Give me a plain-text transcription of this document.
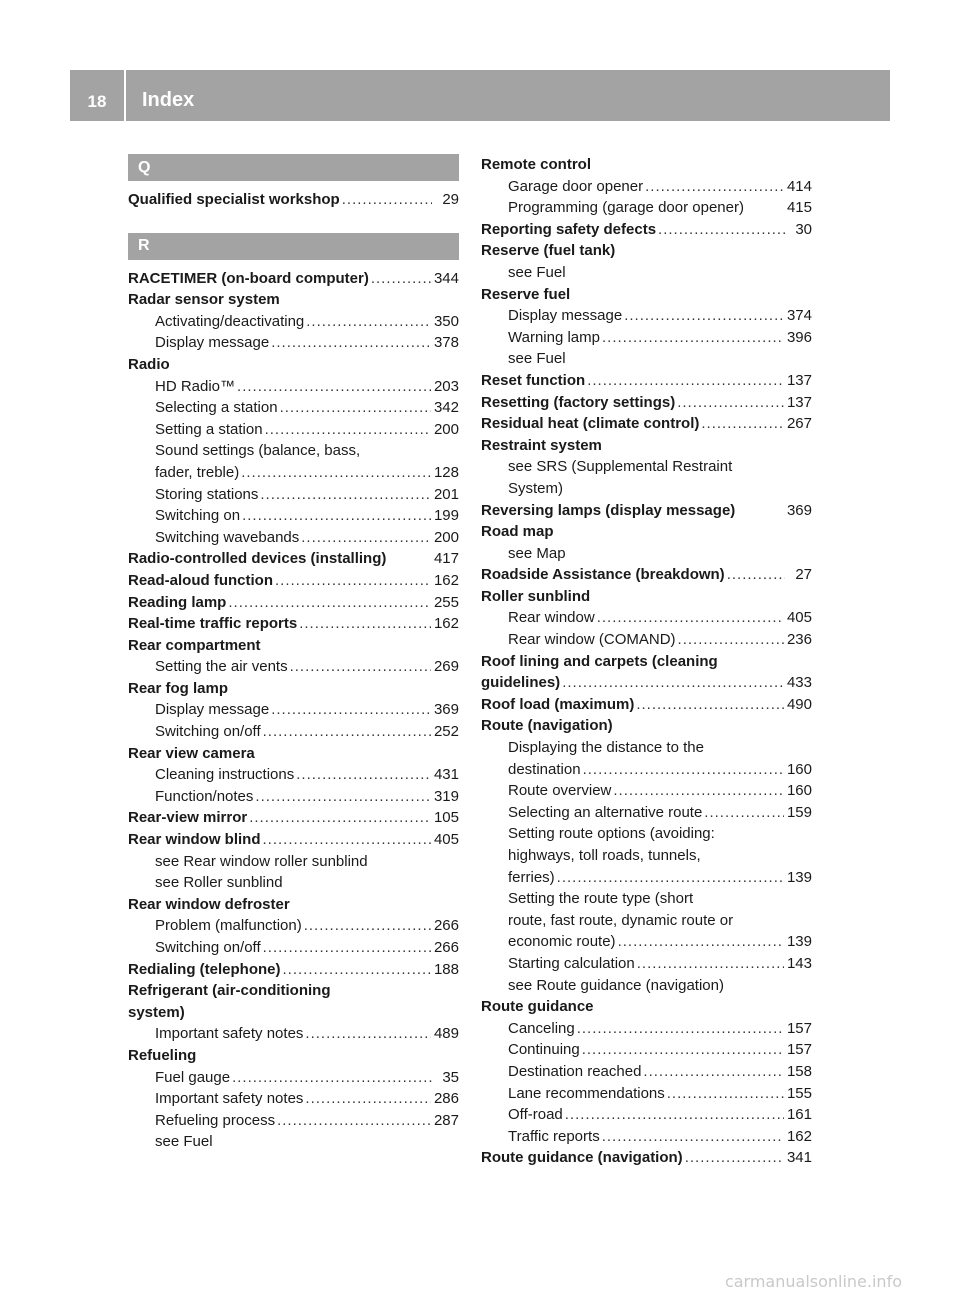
18	Index
Q
Qualified specialist workshop .....	29
R
RACETIMER (on-board computer) .....	344
Radar sensor system
Activating/deactivating .....	350
Display message .....	378
Radio
HD Radio™ .....	203
Selecting a station .....	342
Setting a station .....	200
Sound settings (balance, bass,
fader, treble) .....	128
Storing stations .....	201
Switching on .....	199
Switching wavebands .....	200
Radio-controlled devices (installing)	417
Read-aloud function .....	162
Reading lamp .....	255
Real-time traffic reports .....	162
Rear compartment
Setting the air vents .....	269
Rear fog lamp
Display message .....	369
Switching on/off .....	252
Rear view camera
Cleaning instructions .....	431
Function/notes .....	319
Rear-view mirror .....	105
Rear window blind .....	405
see Rear window roller sunblind
see Roller sunblind
Rear window defroster
Problem (malfunction) .....	266
Switching on/off .....	266
Redialing (telephone) .....	188
Refrigerant (air-conditioning
system)
Important safety notes .....	489
Refueling
Fuel gauge .....	35
Important safety notes .....	286
Refueling process .....	287
see Fuel
Remote control
Garage door opener .....	414
Programming (garage door opener)	415
Reporting safety defects .....	30
Reserve (fuel tank)
see Fuel
Reserve fuel
Display message .....	374
Warning lamp .....	396
see Fuel
Reset function .....	137
Resetting (factory settings) .....	137
Residual heat (climate control) .....	267
Restraint system
see SRS (Supplemental Restraint
System)
Reversing lamps (display message)	369
Road map
see Map
Roadside Assistance (breakdown) .....	27
Roller sunblind
Rear window .....	405
Rear window (COMAND) .....	236
Roof lining and carpets (cleaning
guidelines) .....	433
Roof load (maximum) .....	490
Route (navigation)
Displaying the distance to the
destination .....	160
Route overview .....	160
Selecting an alternative route .....	159
Setting route options (avoiding:
highways, toll roads, tunnels,
ferries) .....	139
Setting the route type (short
route, fast route, dynamic route or
economic route) .....	139
Starting calculation .....	143
see Route guidance (navigation)
Route guidance
Canceling .....	157
Continuing .....	157
Destination reached .....	158
Lane recommendations .....	155
Off-road .....	161
Traffic reports .....	162
Route guidance (navigation) .....	341
carmanualsonline.info
